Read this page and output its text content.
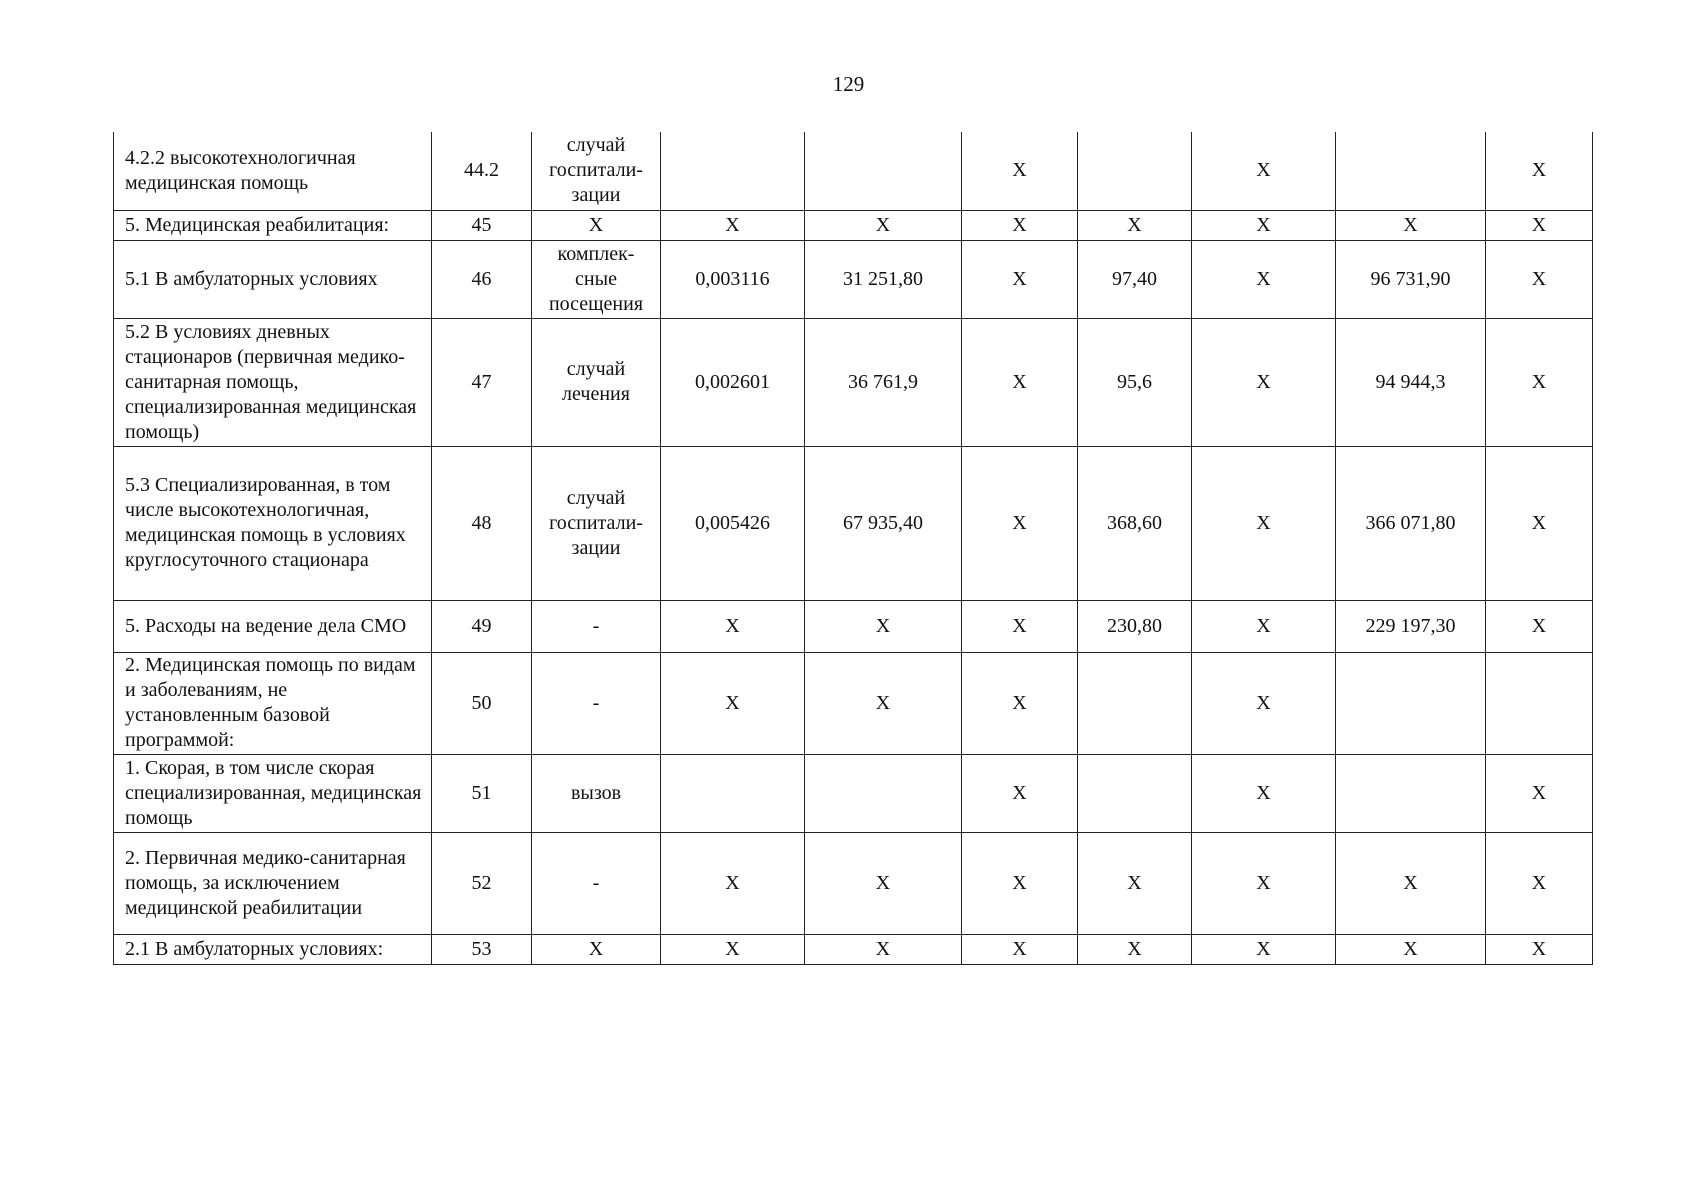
129
4.2.2 высокотехнологичная медицинская помощь	44.2	случай
госпитали-
зации			Х		Х		Х
5. Медицинская реабилитация:	45	Х	Х	Х	Х	Х	Х	Х	Х
5.1 В амбулаторных условиях	46	комплек-
сные
посещения	0,003116	31 251,80	Х	97,40	Х	96 731,90	Х
5.2 В условиях дневных стационаров (первичная медико-санитарная помощь, специализированная медицинская помощь)	47	случай
лечения	0,002601	36 761,9	Х	95,6	Х	94 944,3	Х
5.3 Специализированная, в том числе высокотехнологичная, медицинская помощь в условиях круглосуточного стационара	48	случай
госпитали-
зации	0,005426	67 935,40	Х	368,60	Х	366 071,80	Х
5. Расходы на ведение дела СМО	49	-	Х	Х	Х	230,80	Х	229 197,30	Х
2. Медицинская помощь по видам и заболеваниям, не установленным базовой программой:	50	-	Х	Х	Х		Х		
1. Скорая, в том числе скорая специализированная, медицинская помощь	51	вызов			Х		Х		Х
2. Первичная медико-санитарная помощь, за исключением медицинской реабилитации	52	-	Х	Х	Х	Х	Х	Х	Х
2.1 В амбулаторных условиях:	53	Х	Х	Х	Х	Х	Х	Х	Х
